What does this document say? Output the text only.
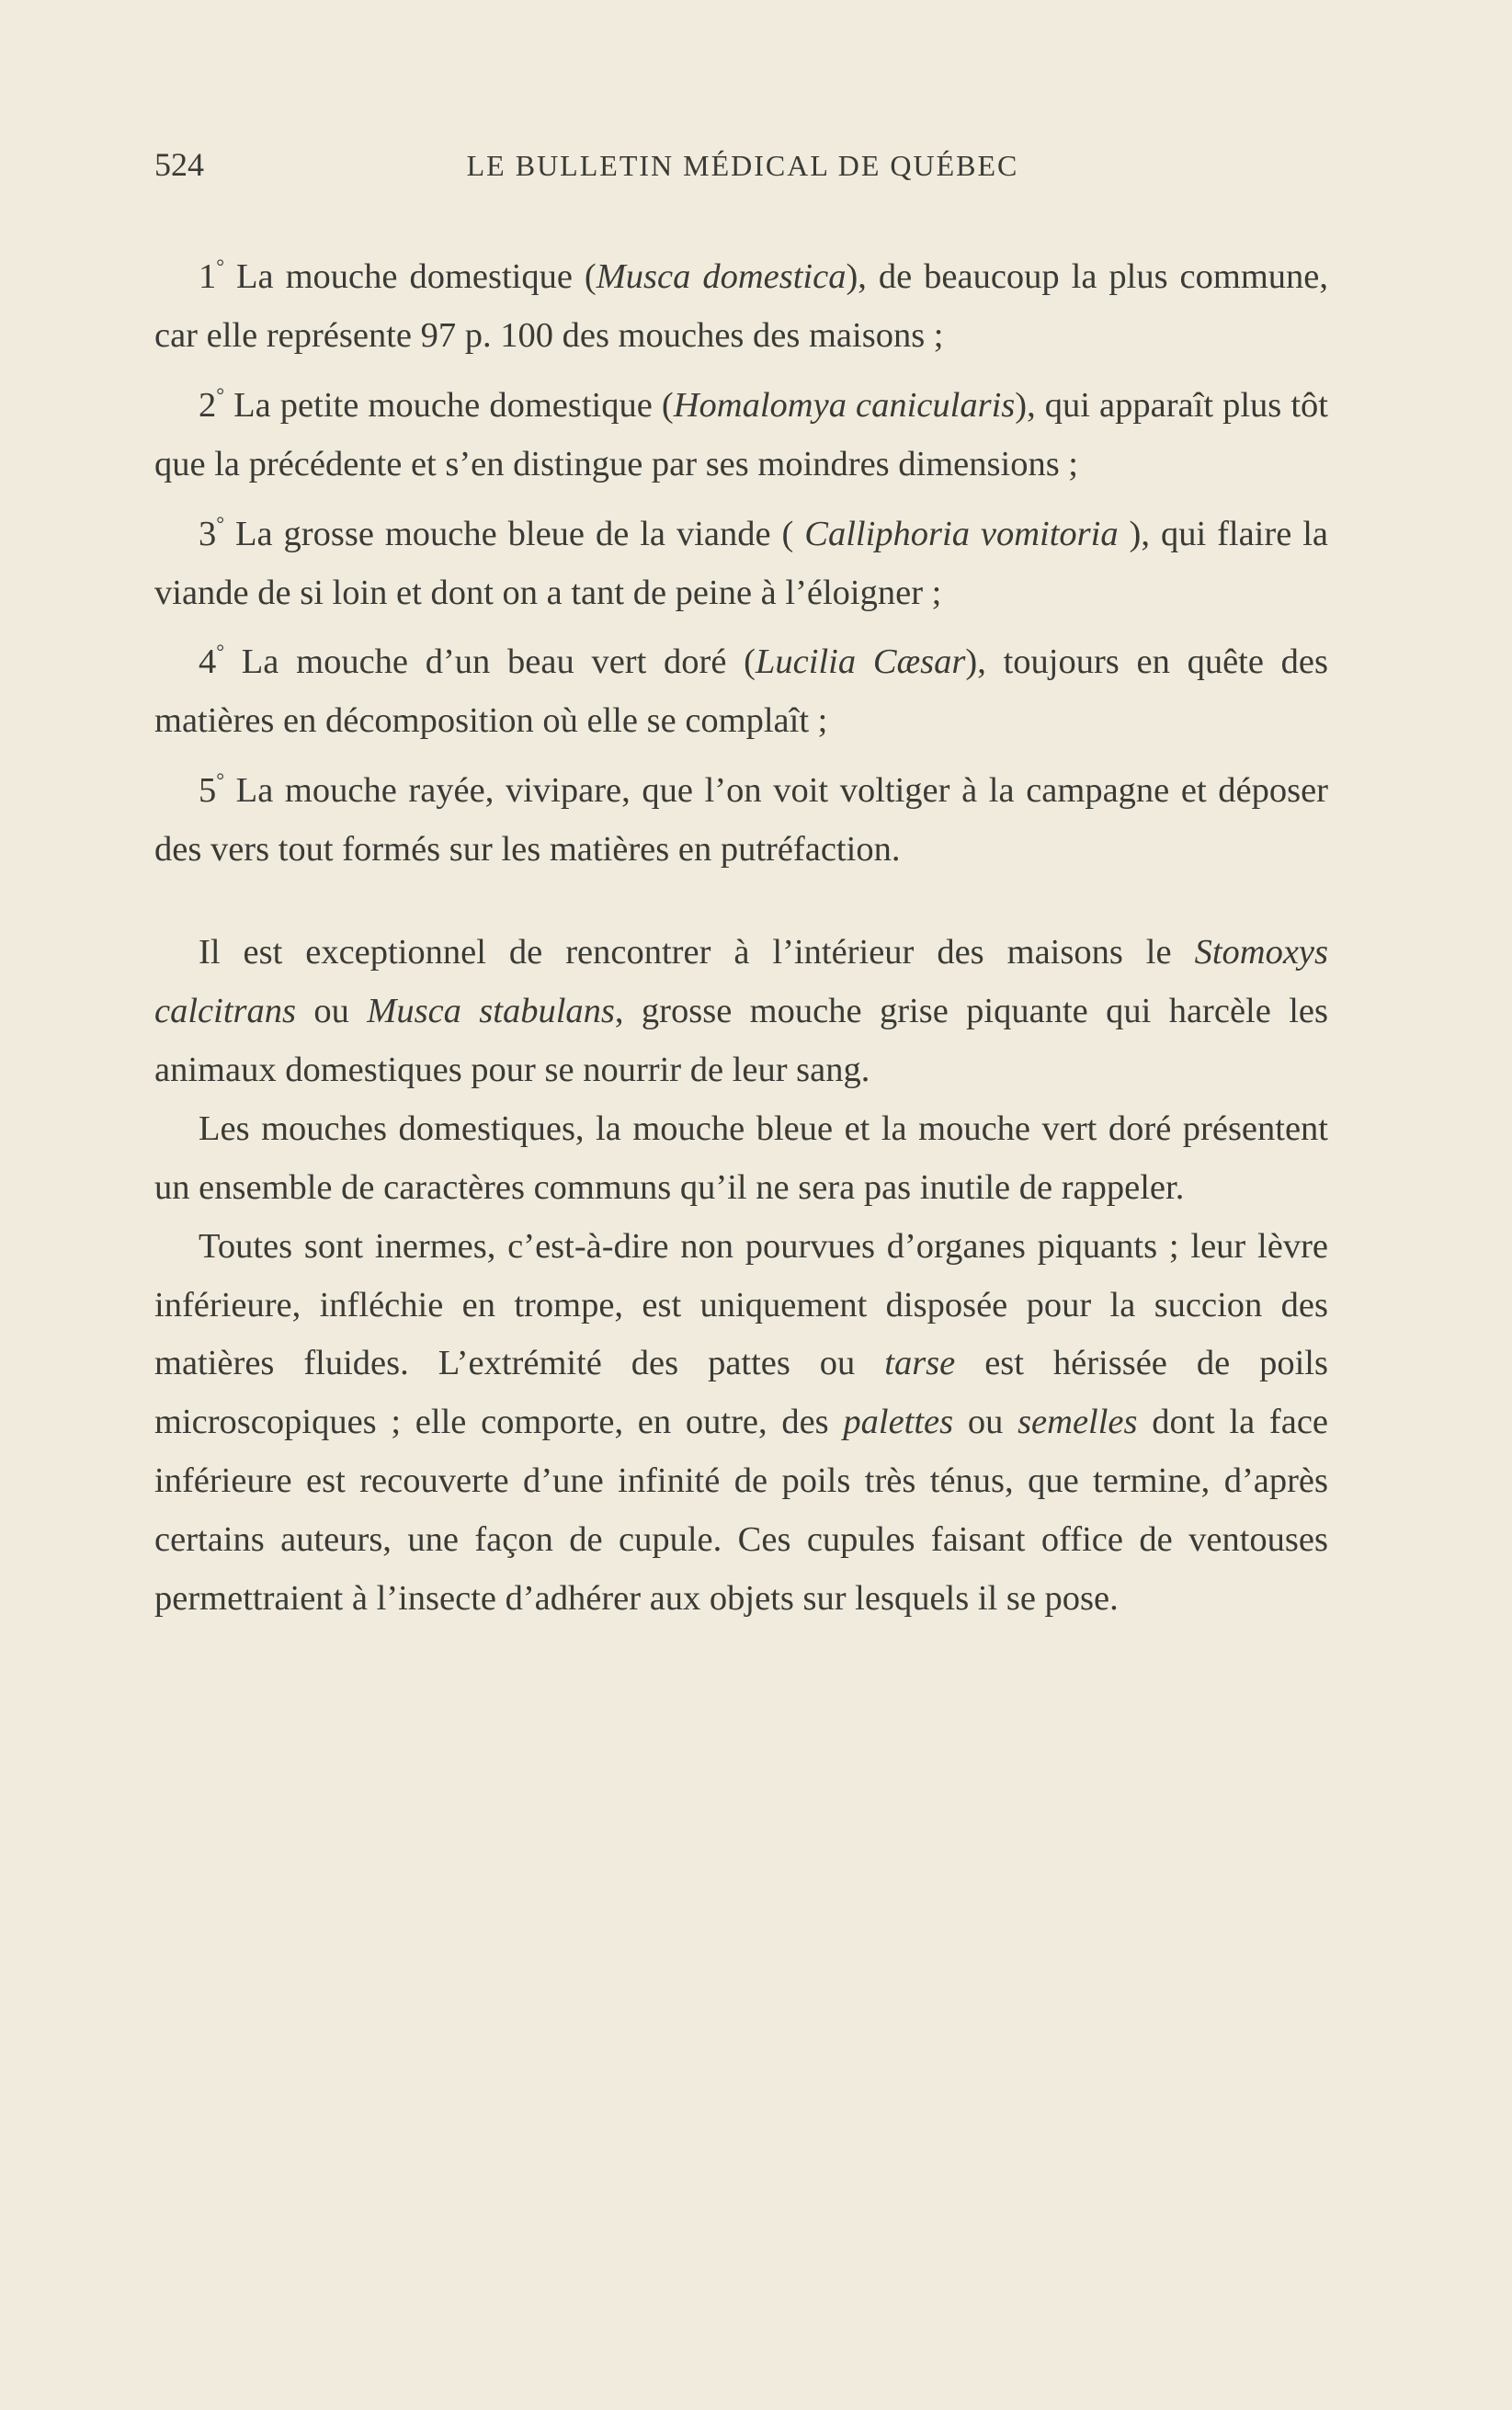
524	LE BULLETIN MÉDICAL DE QUÉBEC

1° La mouche domestique (Musca domestica), de beaucoup la plus commune, car elle représente 97 p. 100 des mouches des maisons ;

2° La petite mouche domestique (Homalomya canicularis), qui apparaît plus tôt que la précédente et s’en distingue par ses moindres dimensions ;

3° La grosse mouche bleue de la viande ( Calliphoria vomitoria ), qui flaire la viande de si loin et dont on a tant de peine à l’éloigner ;

4° La mouche d’un beau vert doré (Lucilia Cæsar), toujours en quête des matières en décomposition où elle se complaît ;

5° La mouche rayée, vivipare, que l’on voit voltiger à la campagne et déposer des vers tout formés sur les matières en putréfaction.

Il est exceptionnel de rencontrer à l’intérieur des maisons le Stomoxys calcitrans ou Musca stabulans, grosse mouche grise piquante qui harcèle les animaux domestiques pour se nourrir de leur sang.

Les mouches domestiques, la mouche bleue et la mouche vert doré présentent un ensemble de caractères communs qu’il ne sera pas inutile de rappeler.

Toutes sont inermes, c’est-à-dire non pourvues d’organes piquants ; leur lèvre inférieure, infléchie en trompe, est uniquement disposée pour la succion des matières fluides. L’extrémité des pattes ou tarse est hérissée de poils microscopiques ; elle comporte, en outre, des palettes ou semelles dont la face inférieure est recouverte d’une infinité de poils très ténus, que termine, d’après certains auteurs, une façon de cupule. Ces cupules faisant office de ventouses permettraient à l’insecte d’adhérer aux objets sur lesquels il se pose.
